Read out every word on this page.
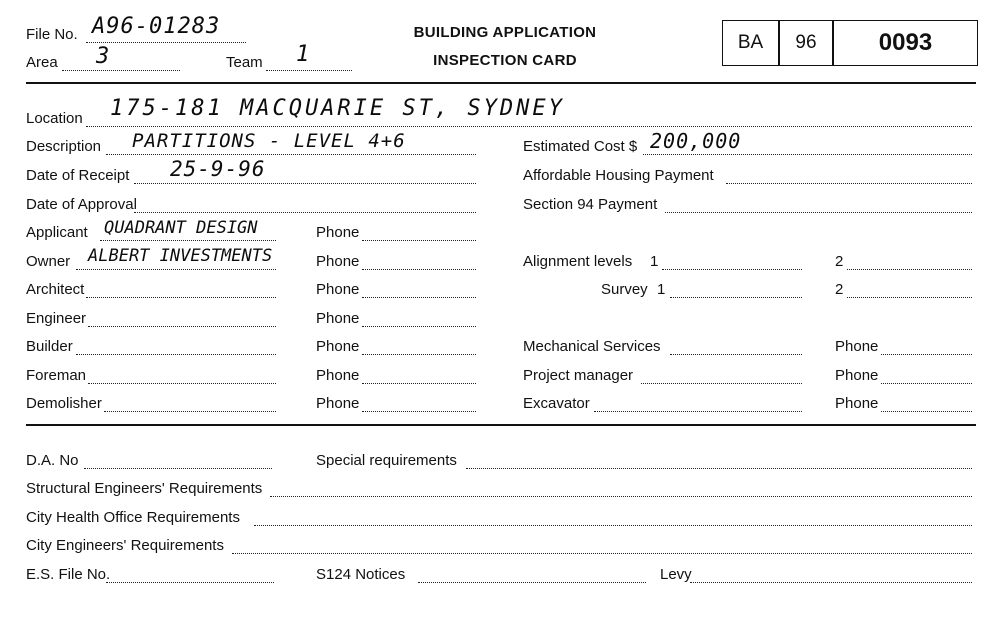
File No. A96-01283
Area 3	Team 1
BUILDING APPLICATION
INSPECTION CARD
BA	96	0093
Location 175-181 MACQUARIE ST, SYDNEY
Description PARTITIONS - LEVEL 4+6	Estimated Cost $ 200,000
Date of Receipt 25-9-96
Date of Approval
Applicant QUADRANT DESIGN	Phone
Owner ALBERT INVESTMENTS	Phone
Architect	Phone
Engineer	Phone
Builder	Phone
Foreman	Phone
Demolisher	Phone
Affordable Housing Payment
Section 94 Payment
Alignment levels 1	2
Survey 1	2
Mechanical Services	Phone
Project manager	Phone
Excavator	Phone
D.A. No	Special requirements
Structural Engineers' Requirements
City Health Office Requirements
City Engineers' Requirements
E.S. File No.	S124 Notices	Levy
